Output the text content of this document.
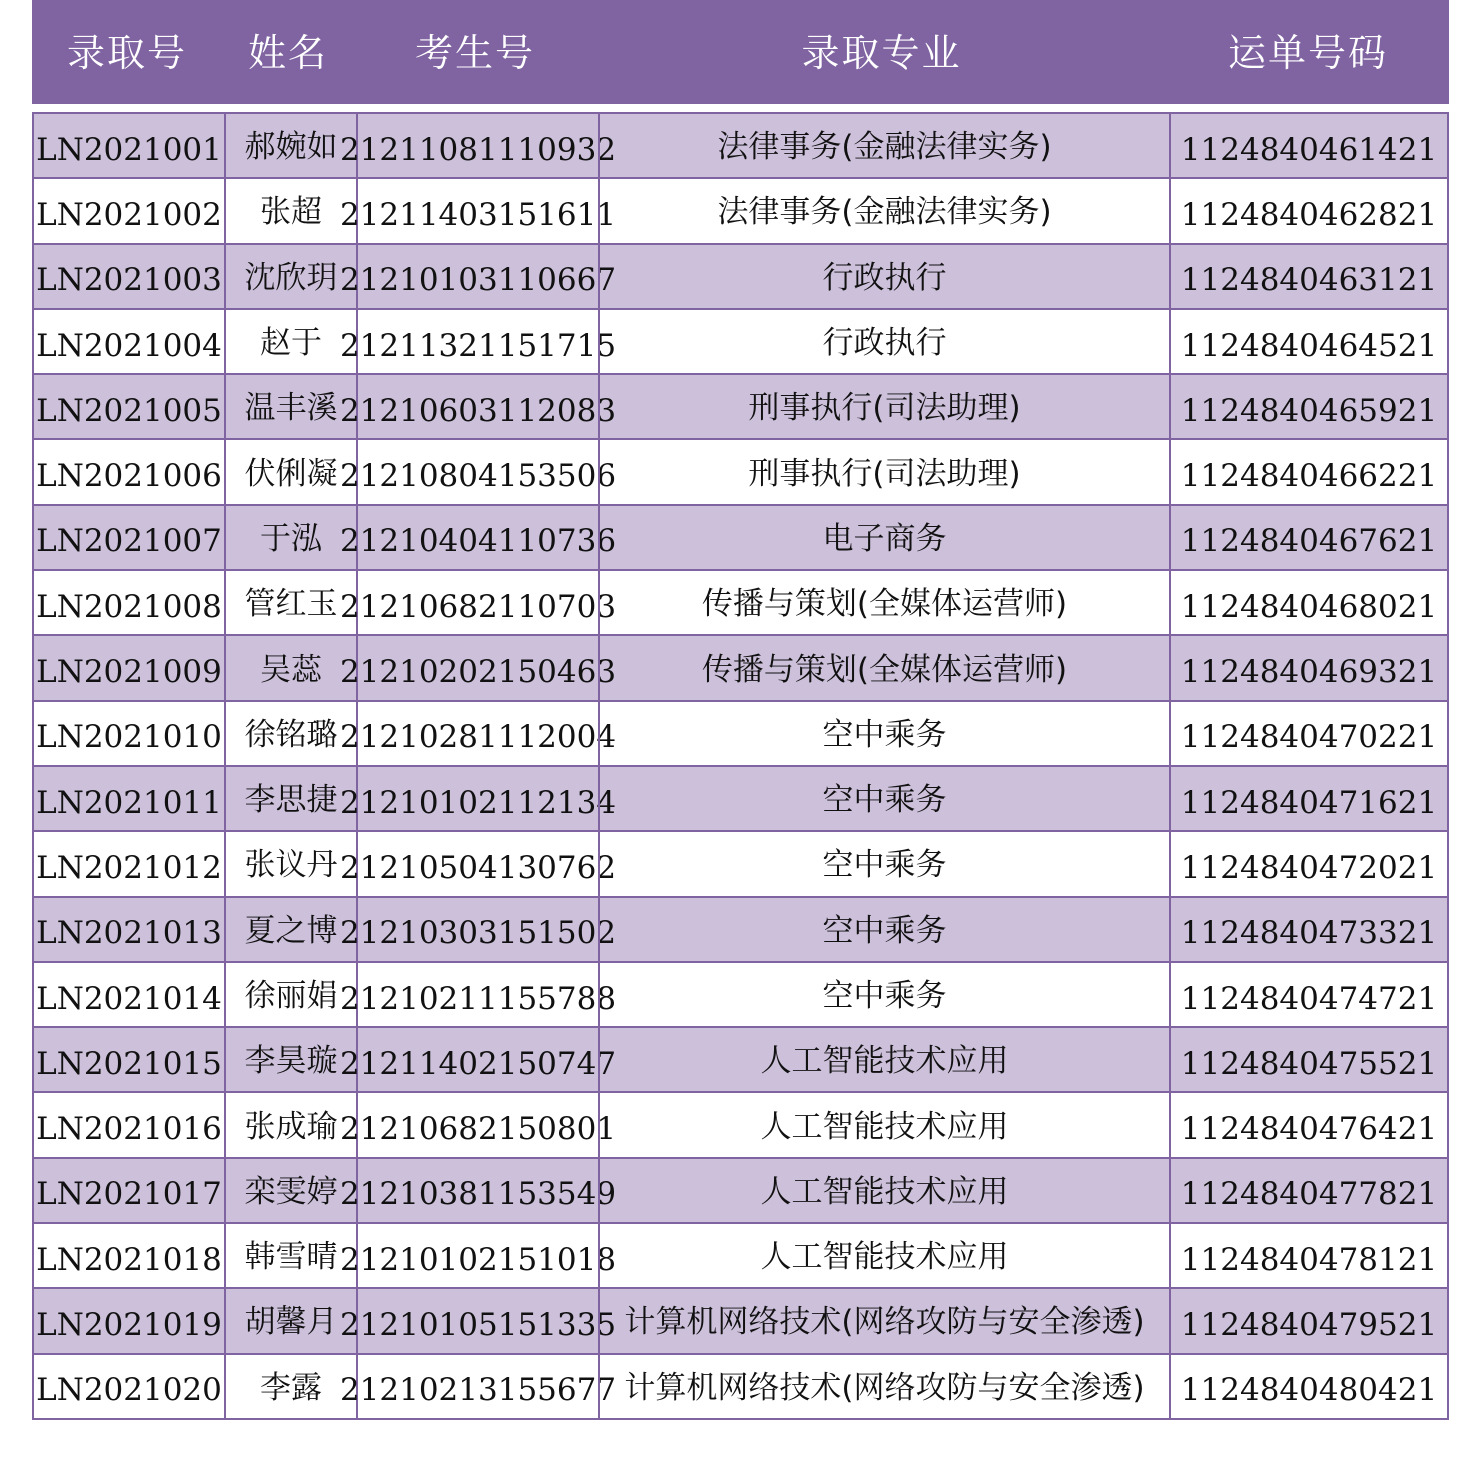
录取号	姓名	考生号	录取专业	运单号码
LN2021001 郝婉如 21211081110932	法律事务(金融法律实务)	1124840461421
LN2021002	张超 21211403151611	法律事务(金融法律实务)	1124840462821
LN2021003 沈欣玥 21210103110667	行政执行	1124840463121
LN2021004	赵于 21211321151715	行政执行	1124840464521
LN2021005 温丰溪 21210603112083	刑事执行(司法助理)	1124840465921
LN2021006 伏俐凝 21210804153506	刑事执行(司法助理)	1124840466221
LN2021007	于泓 21210404110736	电子商务	1124840467621
LN2021008 管红玉 21210682110703	传播与策划(全媒体运营师)	1124840468021
LN2021009	吴蕊 21210202150463	传播与策划(全媒体运营师)	1124840469321
LN2021010 徐铭璐 21210281112004	空中乘务	1124840470221
LN2021011 李思捷 21210102112134	空中乘务	1124840471621
LN2021012 张议丹 21210504130762	空中乘务	1124840472021
LN2021013 夏之博 21210303151502	空中乘务	1124840473321
LN2021014 徐丽娟 21210211155788	空中乘务	1124840474721
LN2021015 李昊璇 21211402150747	人工智能技术应用	1124840475521
LN2021016 张成瑜 21210682150801	人工智能技术应用	1124840476421
LN2021017 栾雯婷 21210381153549	人工智能技术应用	1124840477821
LN2021018 韩雪晴 21210102151018	人工智能技术应用	1124840478121
LN2021019 胡馨月 21210105151335 计算机网络技术(网络攻防与安全渗透)	1124840479521
LN2021020	李露 21210213155677 计算机网络技术(网络攻防与安全渗透)	1124840480421
